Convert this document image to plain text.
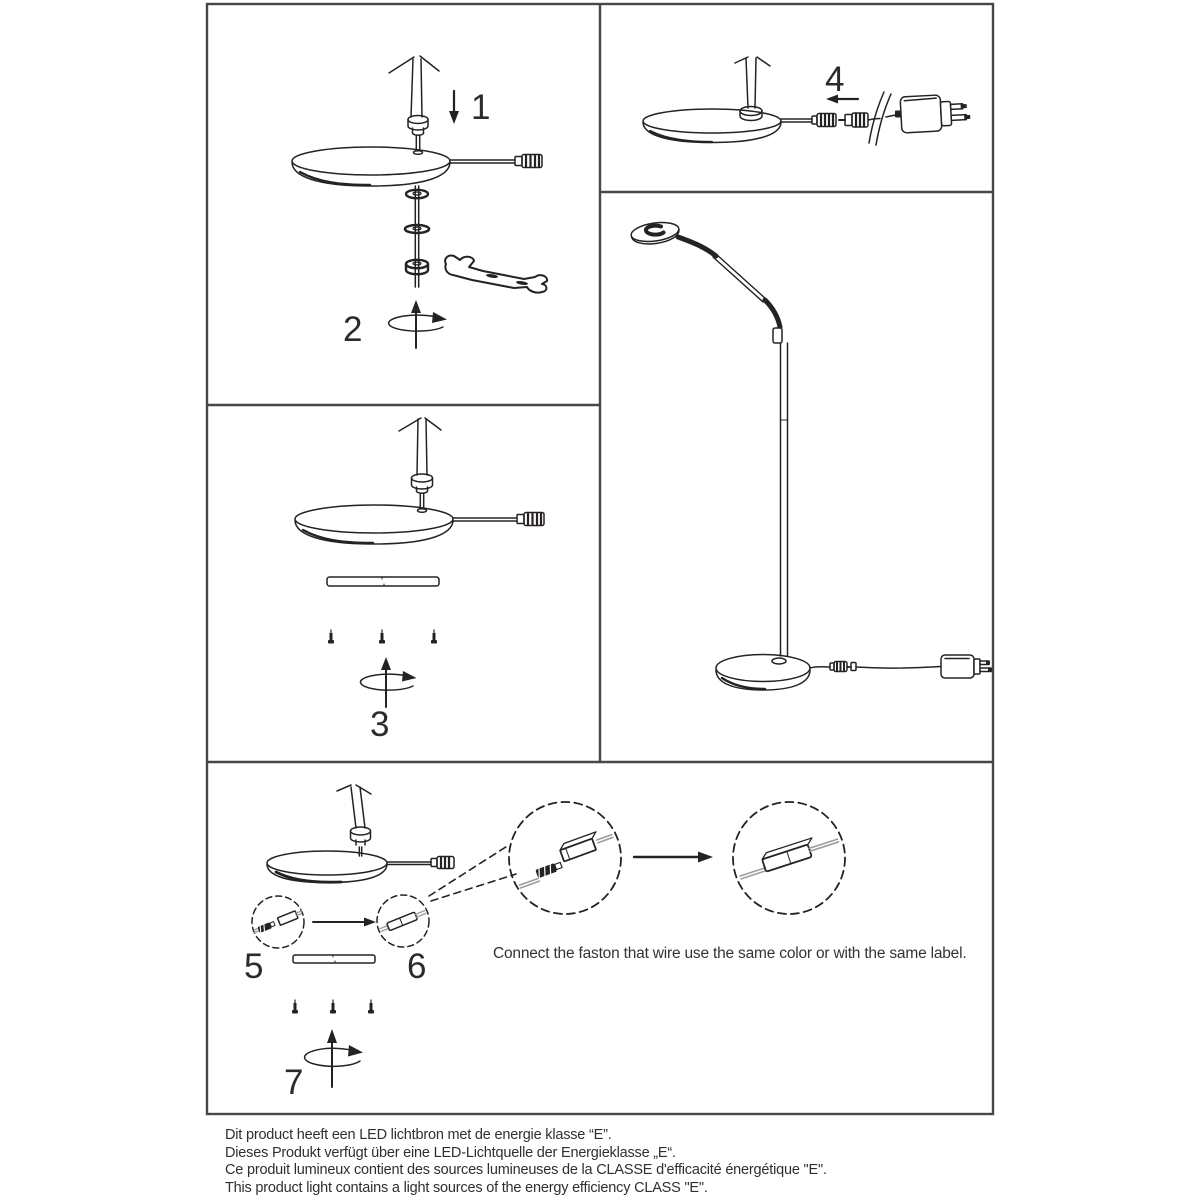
1
2
3
4
5	6
7
Connect the faston that wire use the same color or with the same label.
Dit product heeft een LED lichtbron met de energie klasse “E”.
Dieses Produkt verfügt über eine LED-Lichtquelle der Energieklasse „E“.
Ce produit lumineux contient des sources lumineuses de la CLASSE d'efficacité énergétique "E".
This product light contains a light sources of the energy efficiency CLASS "E".
